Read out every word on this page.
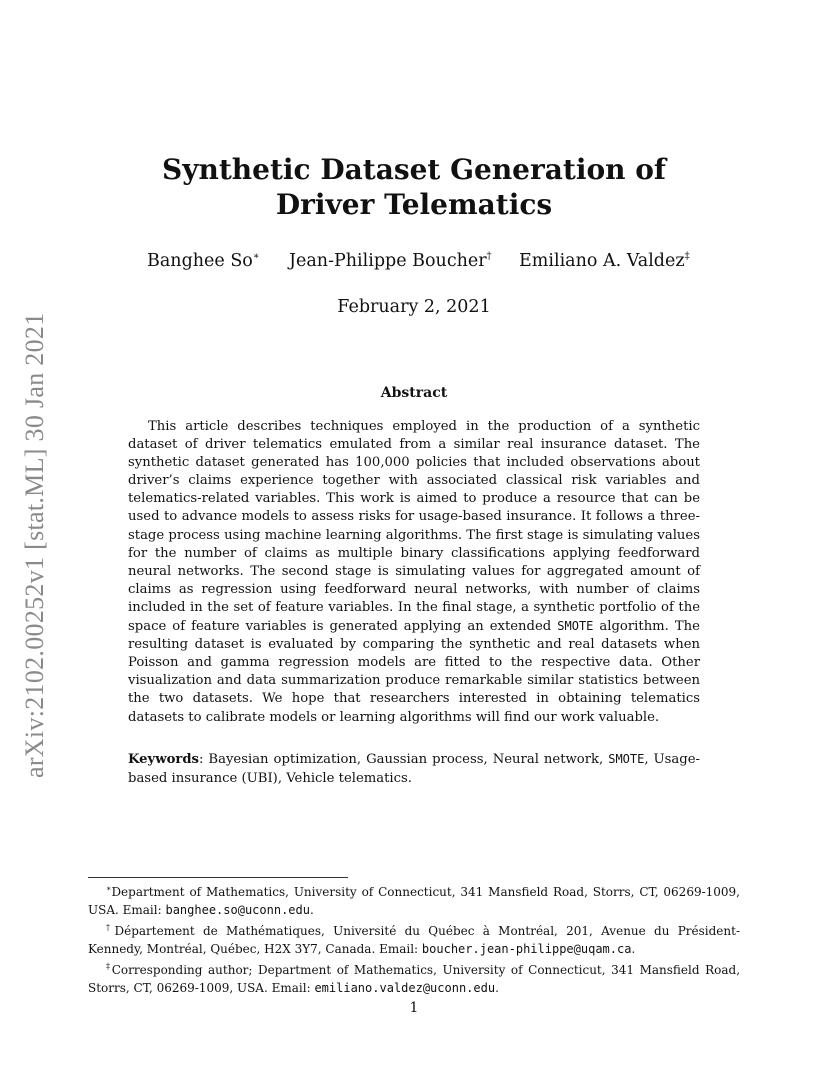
arXiv:2102.00252v1 [stat.ML] 30 Jan 2021
Synthetic Dataset Generation of Driver Telematics
Banghee So∗ Jean-Philippe Boucher† Emiliano A. Valdez‡
February 2, 2021
Abstract

This article describes techniques employed in the production of a synthetic dataset of driver telematics emulated from a similar real insurance dataset. The synthetic dataset generated has 100,000 policies that included observations about driver’s claims experience together with associated classical risk variables and telematics-related variables. This work is aimed to produce a resource that can be used to advance models to assess risks for usage-based insurance. It follows a three-stage process using machine learning algorithms. The first stage is simulating values for the number of claims as multiple binary classifications applying feedforward neural networks. The second stage is simulating values for aggregated amount of claims as regression using feedforward neural networks, with number of claims included in the set of feature variables. In the final stage, a synthetic portfolio of the space of feature variables is generated applying an extended SMOTE algorithm. The resulting dataset is evaluated by comparing the synthetic and real datasets when Poisson and gamma regression models are fitted to the respective data. Other visualization and data summarization produce remarkable similar statistics between the two datasets. We hope that researchers interested in obtaining telematics datasets to calibrate models or learning algorithms will find our work valuable.

Keywords: Bayesian optimization, Gaussian process, Neural network, SMOTE, Usage-based insurance (UBI), Vehicle telematics.

∗Department of Mathematics, University of Connecticut, 341 Mansfield Road, Storrs, CT, 06269-1009, USA. Email: banghee.so@uconn.edu.

†Département de Mathématiques, Université du Québec à Montréal, 201, Avenue du Président-Kennedy, Montréal, Québec, H2X 3Y7, Canada. Email: boucher.jean-philippe@uqam.ca.

‡Corresponding author; Department of Mathematics, University of Connecticut, 341 Mansfield Road, Storrs, CT, 06269-1009, USA. Email: emiliano.valdez@uconn.edu.

1
